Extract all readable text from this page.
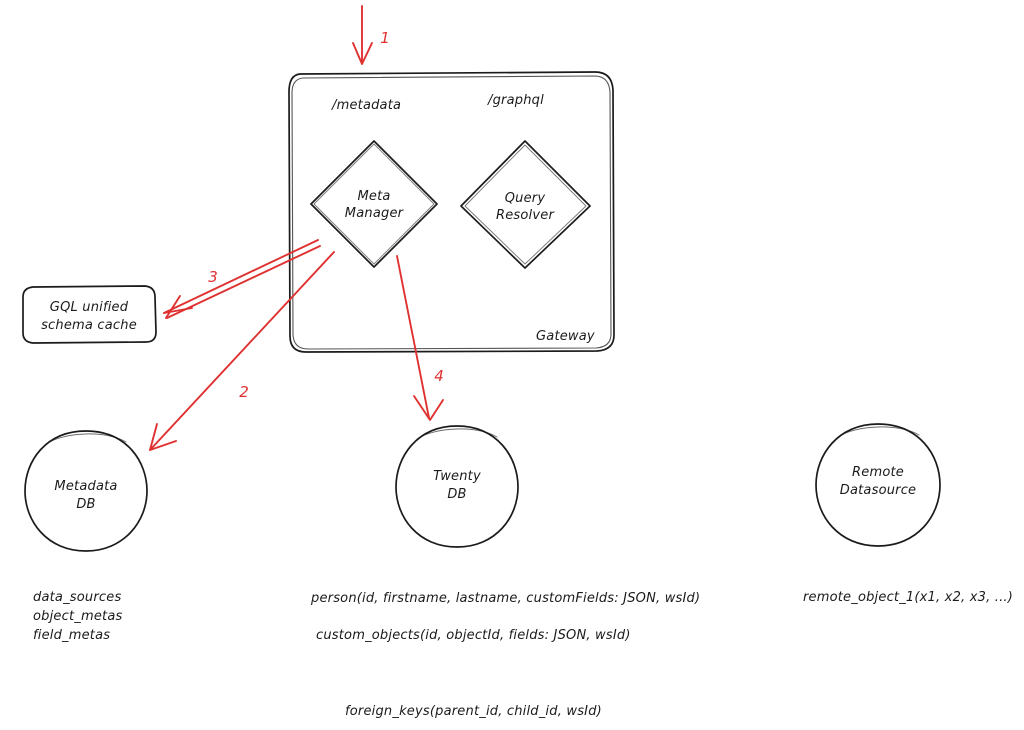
/metadata	/graphql
Gateway
Meta
Manager
Query
Resolver
GQL unified
schema cache
Metadata
DB
Twenty
DB
Remote
Datasource
1
2
3
4
data_sources
object_metas
field_metas
person(id, firstname, lastname, customFields: JSON, wsId)
custom_objects(id, objectId, fields: JSON, wsId)
foreign_keys(parent_id, child_id, wsId)
remote_object_1(x1, x2, x3, ...)
